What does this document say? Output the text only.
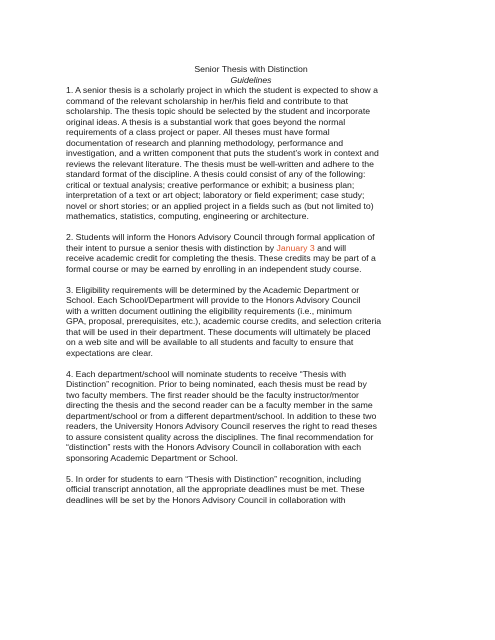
Senior Thesis with Distinction

Guidelines

1. A senior thesis is a scholarly project in which the student is expected to show a
command of the relevant scholarship in her/his field and contribute to that
scholarship. The thesis topic should be selected by the student and incorporate
original ideas. A thesis is a substantial work that goes beyond the normal
requirements of a class project or paper. All theses must have formal
documentation of research and planning methodology, performance and
investigation, and a written component that puts the student’s work in context and
reviews the relevant literature. The thesis must be well-written and adhere to the
standard format of the discipline. A thesis could consist of any of the following:
critical or textual analysis; creative performance or exhibit; a business plan;
interpretation of a text or art object; laboratory or field experiment; case study;
novel or short stories; or an applied project in a fields such as (but not limited to)
mathematics, statistics, computing, engineering or architecture.
2. Students will inform the Honors Advisory Council through formal application of
their intent to pursue a senior thesis with distinction by January 3 and will
receive academic credit for completing the thesis. These credits may be part of a
formal course or may be earned by enrolling in an independent study course.
3. Eligibility requirements will be determined by the Academic Department or
School. Each School/Department will provide to the Honors Advisory Council
with a written document outlining the eligibility requirements (i.e., minimum
GPA, proposal, prerequisites, etc.), academic course credits, and selection criteria
that will be used in their department. These documents will ultimately be placed
on a web site and will be available to all students and faculty to ensure that
expectations are clear.
4. Each department/school will nominate students to receive “Thesis with
Distinction” recognition. Prior to being nominated, each thesis must be read by
two faculty members. The first reader should be the faculty instructor/mentor
directing the thesis and the second reader can be a faculty member in the same
department/school or from a different department/school. In addition to these two
readers, the University Honors Advisory Council reserves the right to read theses
to assure consistent quality across the disciplines. The final recommendation for
“distinction” rests with the Honors Advisory Council in collaboration with each
sponsoring Academic Department or School.
5. In order for students to earn “Thesis with Distinction” recognition, including
official transcript annotation, all the appropriate deadlines must be met. These
deadlines will be set by the Honors Advisory Council in collaboration with
